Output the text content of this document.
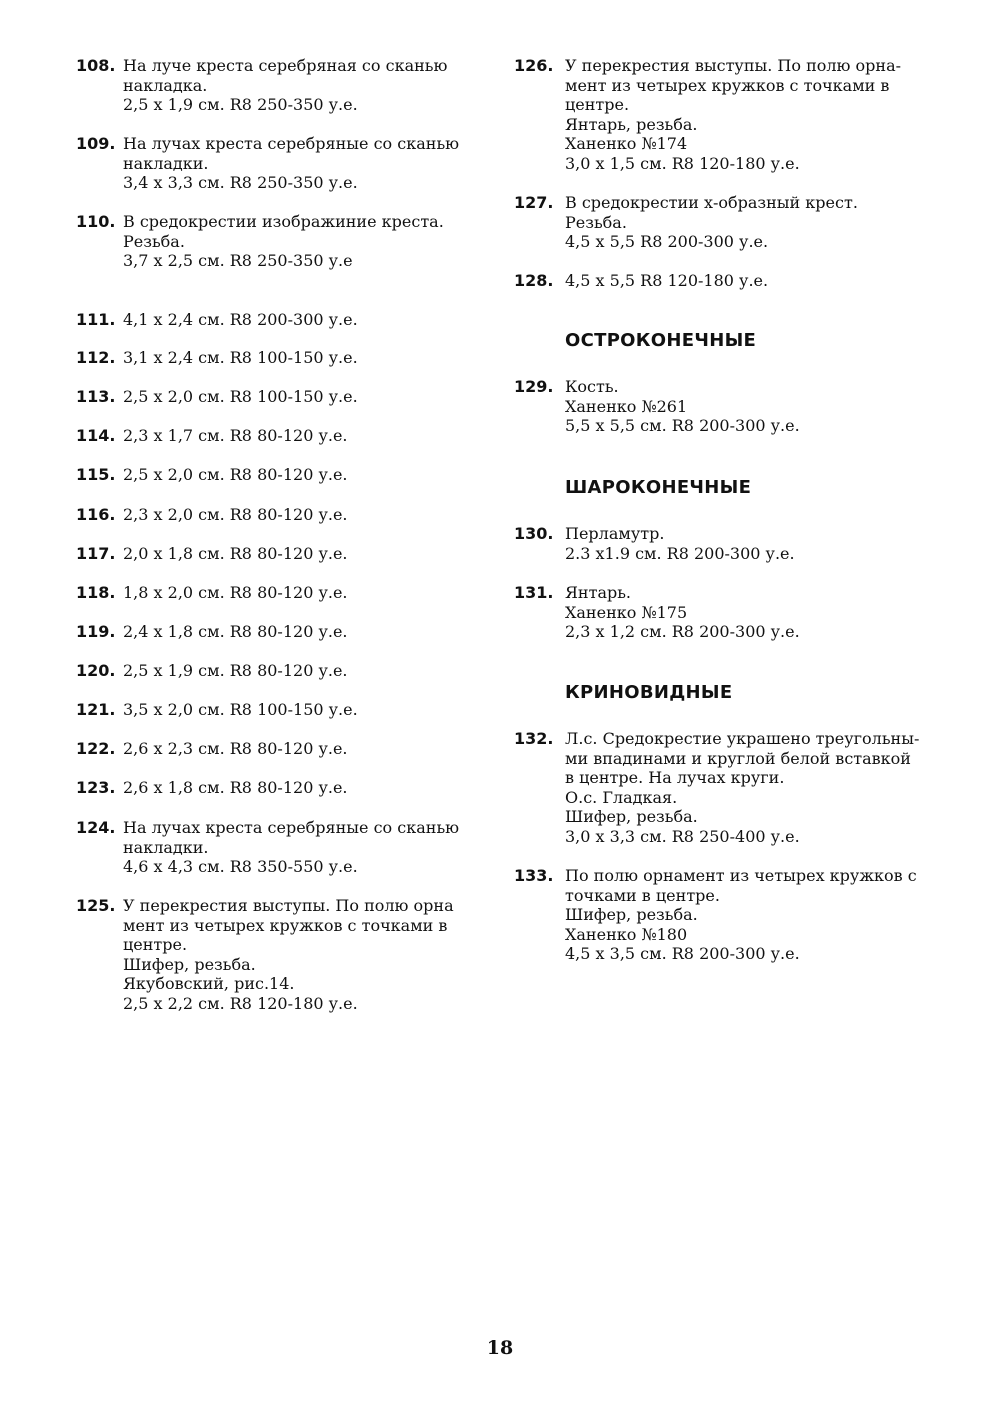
108. На луче креста серебряная со сканью
накладка.
2,5 х 1,9 см. R8 250-350 у.е.
109. На лучах креста серебряные со сканью
накладки.
3,4 х 3,3 см. R8 250-350 у.е.
110. В средокрестии изображиние креста.
Резьба.
3,7 х 2,5 см. R8 250-350 у.е
111. 4,1 х 2,4 см. R8 200-300 у.е.
112. 3,1 х 2,4 см. R8 100-150 у.е.
113. 2,5 х 2,0 см. R8 100-150 у.е.
114. 2,3 х 1,7 см. R8 80-120 у.е.
115. 2,5 х 2,0 см. R8 80-120 у.е.
116. 2,3 х 2,0 см. R8 80-120 у.е.
117. 2,0 х 1,8 см. R8 80-120 у.е.
118. 1,8 х 2,0 см. R8 80-120 у.е.
119. 2,4 х 1,8 см. R8 80-120 у.е.
120. 2,5 х 1,9 см. R8 80-120 у.е.
121. 3,5 х 2,0 см. R8 100-150 у.е.
122. 2,6 х 2,3 см. R8 80-120 у.е.
123. 2,6 х 1,8 см. R8 80-120 у.е.
124. На лучах креста серебряные со сканью
накладки.
4,6 х 4,3 см. R8 350-550 у.е.
125. У перекрестия выступы. По полю орна
мент из четырех кружков с точками в
центре.
Шифер, резьба.
Якубовский, рис.14.
2,5 х 2,2 см. R8 120-180 у.е.
126. У перекрестия выступы. По полю орна-
мент из четырех кружков с точками в
центре.
Янтарь, резьба.
Ханенко №174
3,0 х 1,5 см. R8 120-180 у.е.
127. В средокрестии х-образный крест.
Резьба.
4,5 х 5,5 R8 200-300 у.е.
128. 4,5 х 5,5 R8 120-180 у.е.
ОСТРОКОНЕЧНЫЕ
129. Кость.
Ханенко №261
5,5 х 5,5 см. R8 200-300 у.е.
ШАРОКОНЕЧНЫЕ
130. Перламутр.
2.3 х1.9 см. R8 200-300 у.е.
131. Янтарь.
Ханенко №175
2,3 х 1,2 см. R8 200-300 у.е.
КРИНОВИДНЫЕ
132. Л.с. Средокрестие украшено треугольны-
ми впадинами и круглой белой вставкой
в центре. На лучах круги.
О.с. Гладкая.
Шифер, резьба.
3,0 х 3,3 см. R8 250-400 у.е.
133. По полю орнамент из четырех кружков с
точками в центре.
Шифер, резьба.
Ханенко №180
4,5 х 3,5 см. R8 200-300 у.е.
18
